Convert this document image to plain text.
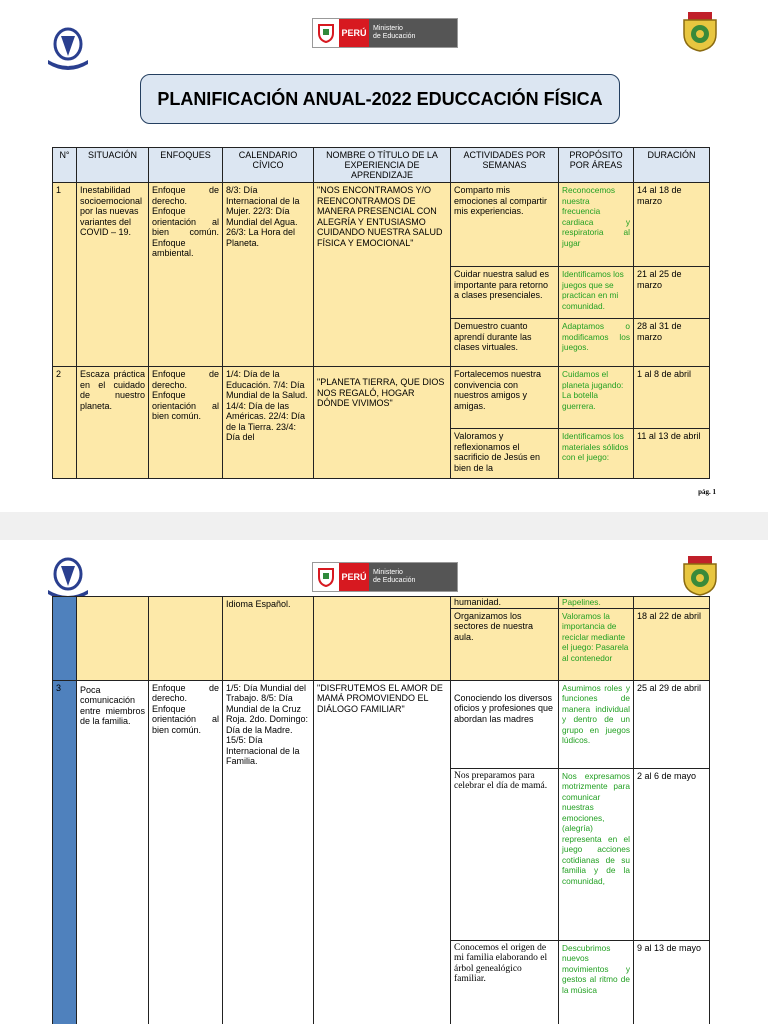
·
PERÚ Ministerio
de Educación
PLANIFICACIÓN ANUAL-2022 EDUCCACIÓN FÍSICA
N°	SITUACIÓN	ENFOQUES	CALENDARIO CÍVICO	NOMBRE O TÍTULO DE LA EXPERIENCIA DE APRENDIZAJE	ACTIVIDADES POR SEMANAS	PROPÓSITO POR ÁREAS	DURACIÓN
1	Inestabilidad socioemocional por las nuevas variantes del COVID – 19.	Enfoque de derecho. Enfoque orientación al bien común. Enfoque ambiental.	8/3: Día Internacional de la Mujer. 22/3: Día Mundial del Agua. 26/3: La Hora del Planeta.	"NOS ENCONTRAMOS Y/O REENCONTRAMOS DE MANERA PRESENCIAL CON ALEGRÍA Y ENTUSIASMO CUIDANDO NUESTRA SALUD FÍSICA Y EMOCIONAL"	Comparto mis emociones al compartir mis experiencias.	Reconocemos nuestra frecuencia cardiaca y respiratoria al jugar	14 al 18 de marzo
					Cuidar nuestra salud es importante para retorno a clases presenciales.	Identificamos los juegos que se practican en mi comunidad.	21 al 25 de marzo
					Demuestro cuanto aprendí durante las clases virtuales.	Adaptamos o modificamos los juegos.	28 al 31 de marzo
2	Escaza práctica en el cuidado de nuestro planeta.	Enfoque de derecho. Enfoque orientación al bien común.	1/4: Día de la Educación. 7/4: Día Mundial de la Salud. 14/4: Día de las Américas. 22/4: Día de la Tierra. 23/4: Día del	"PLANETA TIERRA, QUE DIOS NOS REGALÓ, HOGAR DÓNDE VIVIMOS"	Fortalecemos nuestra convivencia con nuestros amigos y amigas.	Cuidamos el planeta jugando: La botella guerrera.	1 al 8 de abril
					Valoramos y reflexionamos el sacrificio de Jesús en bien de la	Identificamos los materiales sólidos con el juego:	11 al 13 de abril
pág. 1
PERÚ Ministerio
de Educación
			Idioma Español.		humanidad.	Papelines.	
					Organizamos los sectores de nuestra aula.	Valoramos la importancia de reciclar mediante el juego: Pasarela al contenedor	18 al 22 de abril
3	Poca comunicación entre miembros de la familia.	Enfoque de derecho. Enfoque orientación al bien común.	1/5: Día Mundial del Trabajo. 8/5: Día Mundial de la Cruz Roja. 2do. Domingo: Día de la Madre. 15/5: Día Internacional de la Familia.	"DISFRUTEMOS EL AMOR DE MAMÁ PROMOVIENDO EL DIÁLOGO FAMILIAR"	Conociendo los diversos oficios y profesiones que abordan las madres	Asumimos roles y funciones de manera individual y dentro de un grupo en juegos lúdicos.	25 al 29 de abril
					Nos preparamos para celebrar el día de mamá.	Nos expresamos motrizmente para comunicar nuestras emociones, (alegría) representa en el juego acciones cotidianas de su familia y de la comunidad,	2 al 6 de mayo
					Conocemos el origen de mi familia elaborando el árbol genealógico familiar.	Descubrimos nuevos movimientos y gestos al ritmo de la música	9 al 13 de mayo
